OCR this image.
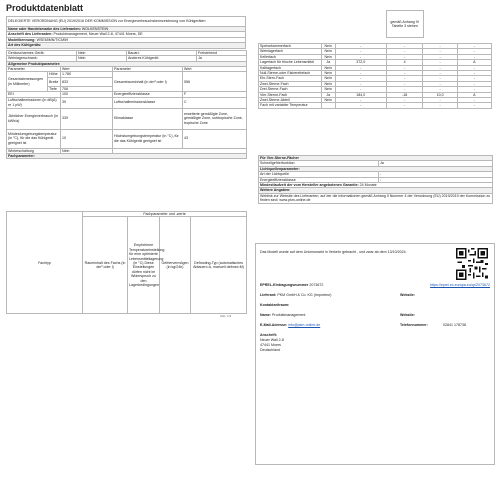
Produktdatenblatt
DELEGIERTE VERORDNUNG (EU) 2019/2016 DER KOMMISSION zur Energieverbrauchskennzeichnung von Kühlgeräten
Name oder Handelsmarke des Lieferanten: WOLKENSTEIN
Anschrift des Lieferanten: Produktmanagement, Neuer Wall 2-8, 47441 Moers, DE
Modellkennung: WSE65MN/TICM59
Art des Kühlgeräts:
Geräuscharmes Gerät:	Nein	Bauart:	Freistehend
Weinlagerschrank:	Nein	Anderes Kühlgerät:	Ja
Allgemeine Produktparameter:			
Parameter		Wert	Parameter	Wert
Gesamtabmessungen (in Millimeter)	Höhe	1.780	Gesamtrauminhalt (in dm³ oder l)	556
	Breite	833		
	Tiefe	706		
EEI		100	Energieeffizienzklasse	F
Luftschallemissionen (in dB(A) re 1 pW)		39	Luftschallemissionsklasse	C
Jährlicher Energieverbrauch (in kWh/a)		339	Klimaklasse	erweiterte gemäßigte Zone, gemäßigte Zone, subtropische Zone, tropische Zone
Mindestumgebungstemperatur (in °C), für die das Kühlgerät geeignet ist		10	Höchstumgebungstemperatur (in °C), für die das Kühlgerät geeignet ist	43
Winterschaltung		Nein		
Fachparameter:				
Fachtyp	Fachparameter und -werte			
	Rauminhalt des Fachs (in dm³ oder l)	Empfohlene Temperatureinstellung für eine optimierte Lebensmittellagerung (in °C) Diese Einstellungen dürfen nicht im Widerspruch zu den Lagerbedingungen	Gefriervermögen (in kg/24h)	Defrosting-Typ (automatisches Abtauen=A, manuell defrost=M)
Abb. 1/3
			gemäß Anhang IV Tabelle 3 stehen		
Speisekammerfach	Nein	-	-	-	-
Weinlagerfach	Nein	-	-	-	-
Kellerfach	Nein	-	-	-	-
Lagerfach für frische Lebensmittel	Ja	372,0	4	-	A
Kaltlagerfach	Nein	-	-	-	-
Null-Sterne-oder Eisbereitefach	Nein	-	-	-	-
Ein-Stern-Fach	Nein	-	-	-	-
Zwei-Sterne-Fach	Nein	-	-	-	-
Drei-Sterne-Fach	Nein	-	-	-	-
Vier-Sterne-Fach	Ja	184,0	-18	10,0	A
Zwei-Sterne-Abteil	Nein	-	-	-	-
Fach mit variabler Temperatur		-	-	-	-
Für Vier-Sterne-Fächer	
Schnellgefrierfunktion	Ja
Lichtquellenparameter:	
Art der Lichtquelle	-
Energieeffizienzklasse	-
Mindestlaufzeit der vom Hersteller angebotenen Garantie: 24 Monate	
Weitere Angaben:	
Weblink zur Website des Lieferanten, auf der die Informationen gemäß Anhang II Nummer 4 der Verordnung (EU) 2019/2019 der Kommission zu finden sind: www.pkm-online.de	
Das Modell wurde auf dem Unionsmarkt in Verkehr gebracht , und zwar ab dem 13/10/2024.
EPREL-Eintragungsnummer 2073672	https://eprel.ec.europa.eu/qr/2073672
Lieferant: PKM GmbH & Co. KG (Importeur)	Website:
Kontaktzeitraum:
Name: Produktmanagement	Website:
E-Mail-Adresse: info@pkm-online.de	Telefonnummer:	02841 178738
Anschrift:
Neuer Wall 2-8
47441 Moers
Deutschland
